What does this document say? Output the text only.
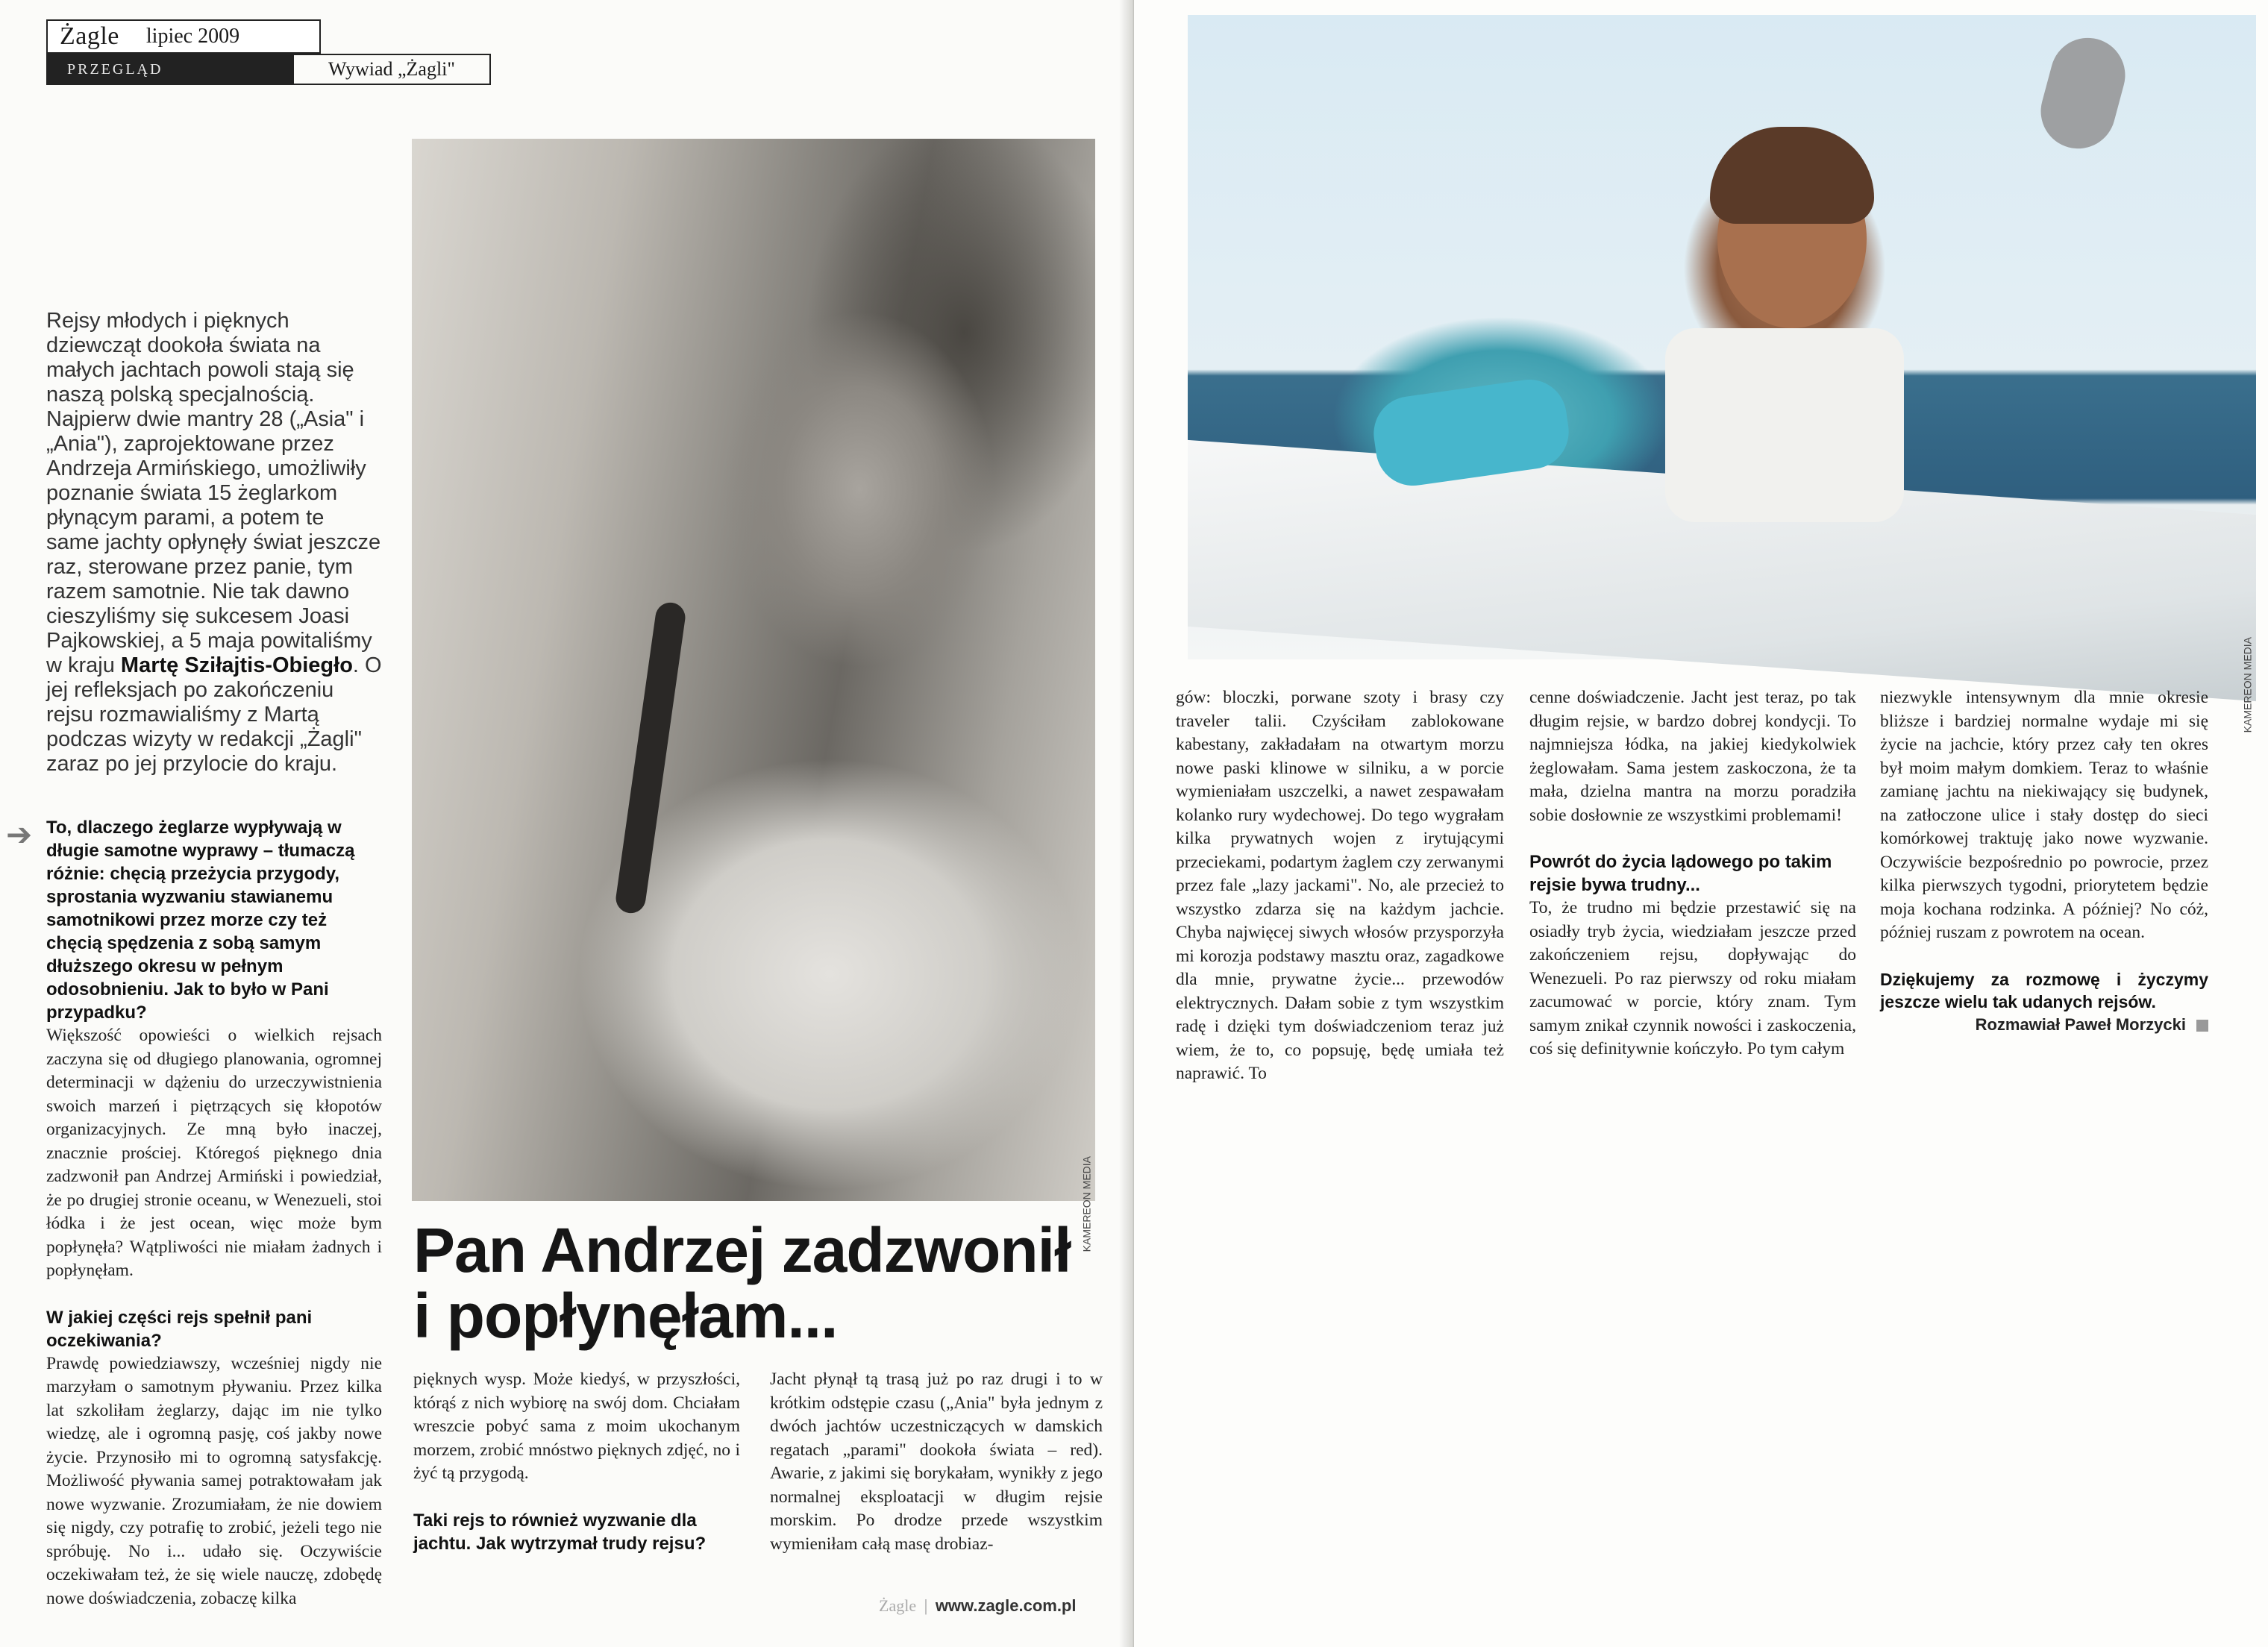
Żagle lipiec 2009
PRZEGLĄD	Wywiad „Żagli"
Rejsy młodych i pięknych dziewcząt dookoła świata na małych jachtach powoli stają się naszą polską specjalnością. Najpierw dwie mantry 28 („Asia" i „Ania"), zaprojektowane przez Andrzeja Armińskiego, umożliwiły poznanie świata 15 żeglarkom płynącym parami, a potem te same jachty opłynęły świat jeszcze raz, sterowane przez panie, tym razem samotnie. Nie tak dawno cieszyliśmy się sukcesem Joasi Pajkowskiej, a 5 maja powitaliśmy w kraju Martę Sziłajtis-Obiegło. O jej refleksjach po zakończeniu rejsu rozmawialiśmy z Martą podczas wizyty w redakcji „Żagli" zaraz po jej przylocie do kraju.
➔ To, dlaczego żeglarze wypływają w długie samotne wyprawy – tłumaczą różnie: chęcią przeżycia przygody, sprostania wyzwaniu stawianemu samotnikowi przez morze czy też chęcią spędzenia z sobą samym dłuższego okresu w pełnym odosobnieniu. Jak to było w Pani przypadku?

Większość opowieści o wielkich rejsach zaczyna się od długiego planowania, ogromnej determinacji w dążeniu do urzeczywistnienia swoich marzeń i piętrzących się kłopotów organizacyjnych. Ze mną było inaczej, znacznie prościej. Któregoś pięknego dnia zadzwonił pan Andrzej Armiński i powiedział, że po drugiej stronie oceanu, w Wenezueli, stoi łódka i że jest ocean, więc może bym popłynęła? Wątpliwości nie miałam żadnych i popłynęłam.

W jakiej części rejs spełnił pani oczekiwania?

Prawdę powiedziawszy, wcześniej nigdy nie marzyłam o samotnym pływaniu. Przez kilka lat szkoliłam żeglarzy, dając im nie tylko wiedzę, ale i ogromną pasję, coś jakby nowe życie. Przynosiło mi to ogromną satysfakcję. Możliwość pływania samej potraktowałam jak nowe wyzwanie. Zrozumiałam, że nie dowiem się nigdy, czy potrafię to zrobić, jeżeli tego nie spróbuję. No i... udało się. Oczywiście oczekiwałam też, że się wiele nauczę, zdobędę nowe doświadczenia, zobaczę kilka

KAMEREON MEDIA
Pan Andrzej zadzwonił
i popłynęłam...

pięknych wysp. Może kiedyś, w przyszłości, którąś z nich wybiorę na swój dom. Chciałam wreszcie pobyć sama z moim ukochanym morzem, zrobić mnóstwo pięknych zdjęć, no i żyć tą przygodą.

Taki rejs to również wyzwanie dla jachtu. Jak wytrzymał trudy rejsu?

Jacht płynął tą trasą już po raz drugi i to w krótkim odstępie czasu („Ania" była jednym z dwóch jachtów uczestniczących w damskich regatach „parami" dookoła świata – red). Awarie, z jakimi się borykałam, wynikły z jego normalnej eksploatacji w długim rejsie morskim. Po drodze przede wszystkim wymieniłam całą masę drobiaz-

Żagle | www.zagle.com.pl
KAMEREON MEDIA

gów: bloczki, porwane szoty i brasy czy traveler talii. Czyściłam zablokowane kabestany, zakładałam na otwartym morzu nowe paski klinowe w silniku, a w porcie wymieniałam uszczelki, a nawet zespawałam kolanko rury wydechowej. Do tego wygrałam kilka prywatnych wojen z irytującymi przeciekami, podartym żaglem czy zerwanymi przez fale „lazy jackami". No, ale przecież to wszystko zdarza się na każdym jachcie. Chyba najwięcej siwych włosów przysporzyła mi korozja podstawy masztu oraz, zagadkowe dla mnie, prywatne życie... przewodów elektrycznych. Dałam sobie z tym wszystkim radę i dzięki tym doświadczeniom teraz już wiem, że to, co popsuję, będę umiała też naprawić. To

cenne doświadczenie. Jacht jest teraz, po tak długim rejsie, w bardzo dobrej kondycji. To najmniejsza łódka, na jakiej kiedykolwiek żeglowałam. Sama jestem zaskoczona, że ta mała, dzielna mantra na morzu poradziła sobie dosłownie ze wszystkimi problemami!

Powrót do życia lądowego po takim rejsie bywa trudny...

To, że trudno mi będzie przestawić się na osiadły tryb życia, wiedziałam jeszcze przed zakończeniem rejsu, dopływając do Wenezueli. Po raz pierwszy od roku miałam zacumować w porcie, który znam. Tym samym znikał czynnik nowości i zaskoczenia, coś się definitywnie kończyło. Po tym całym

niezwykle intensywnym dla mnie okresie bliższe i bardziej normalne wydaje mi się życie na jachcie, który przez cały ten okres był moim małym domkiem. Teraz to właśnie zamianę jachtu na niekiwający się budynek, na zatłoczone ulice i stały dostęp do sieci komórkowej traktuję jako nowe wyzwanie. Oczywiście bezpośrednio po powrocie, przez kilka pierwszych tygodni, priorytetem będzie moja kochana rodzinka. A później? No cóż, później ruszam z powrotem na ocean.

Dziękujemy za rozmowę i życzymy jeszcze wielu tak udanych rejsów.

Rozmawiał Paweł Morzycki
